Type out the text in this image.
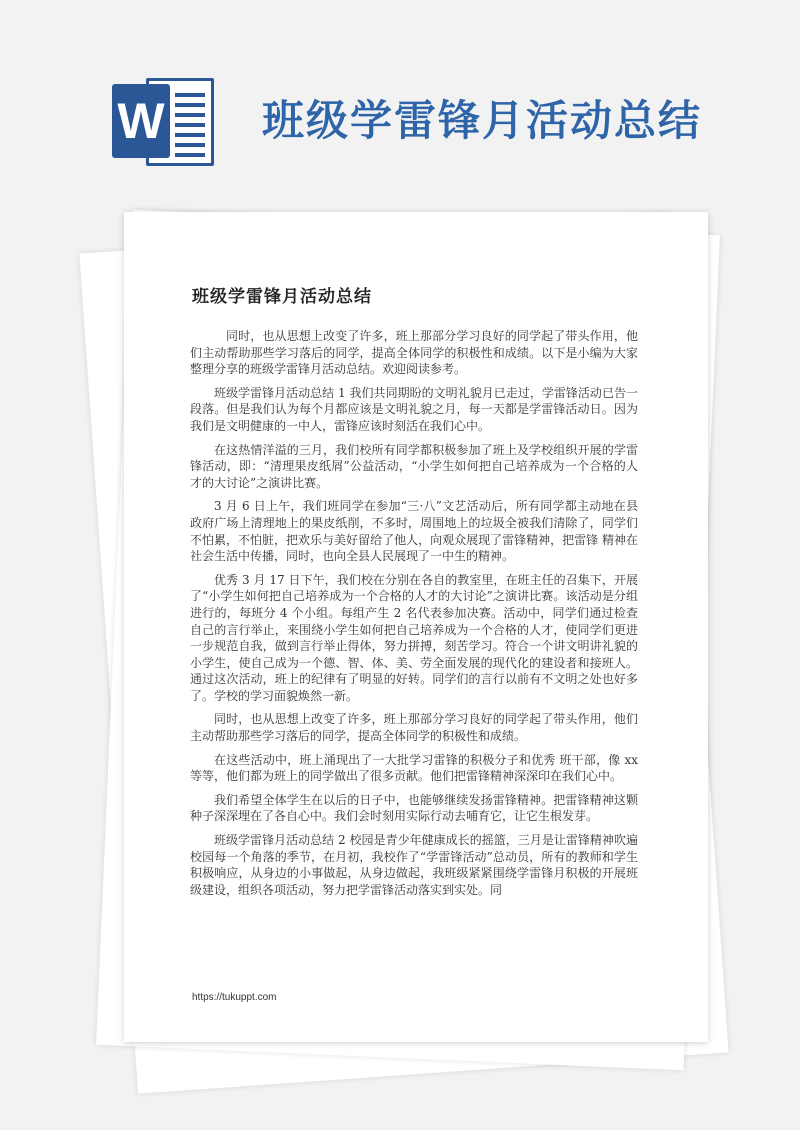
W 班级学雷锋月活动总结
班级学雷锋月活动总结

同时，也从思想上改变了许多，班上那部分学习良好的同学起了带头作用，他们主动帮助那些学习落后的同学，提高全体同学的积极性和成绩。以下是小编为大家整理分享的班级学雷锋月活动总结。欢迎阅读参考。

班级学雷锋月活动总结 1 我们共同期盼的文明礼貌月已走过，学雷锋活动已告一段落。但是我们认为每个月都应该是文明礼貌之月，每一天都是学雷锋活动日。因为我们是文明健康的一中人，雷锋应该时刻活在我们心中。

在这热情洋溢的三月，我们校所有同学都积极参加了班上及学校组织开展的学雷锋活动，即：“清理果皮纸屑”公益活动，“小学生如何把自己培养成为一个合格的人才的大讨论”之演讲比赛。

3 月 6 日上午，我们班同学在参加“三·八”文艺活动后，所有同学都主动地在县政府广场上清理地上的果皮纸削，不多时，周围地上的垃圾全被我们清除了，同学们不怕累，不怕脏，把欢乐与美好留给了他人，向观众展现了雷锋精神，把雷锋 精神在社会生活中传播，同时，也向全县人民展现了一中生的精神。

优秀 3 月 17 日下午，我们校在分别在各自的教室里，在班主任的召集下，开展了“小学生如何把自己培养成为一个合格的人才的大讨论”之演讲比赛。该活动是分组进行的，每班分 4 个小组。每组产生 2 名代表参加决赛。活动中，同学们通过检查自己的言行举止，来围绕小学生如何把自己培养成为一个合格的人才，使同学们更进一步规范自我，做到言行举止得体，努力拼搏，刻苦学习。符合一个讲文明讲礼貌的小学生，使自己成为一个德、智、体、美、劳全面发展的现代化的建设者和接班人。通过这次活动，班上的纪律有了明显的好转。同学们的言行以前有不文明之处也好多了。学校的学习面貌焕然一新。

同时，也从思想上改变了许多，班上那部分学习良好的同学起了带头作用，他们主动帮助那些学习落后的同学，提高全体同学的积极性和成绩。

在这些活动中，班上涌现出了一大批学习雷锋的积极分子和优秀 班干部，像 xx 等等，他们都为班上的同学做出了很多贡献。他们把雷锋精神深深印在我们心中。

我们希望全体学生在以后的日子中，也能够继续发扬雷锋精神。把雷锋精神这颗种子深深埋在了各自心中。我们会时刻用实际行动去哺育它，让它生根发芽。

班级学雷锋月活动总结 2 校园是青少年健康成长的摇篮，三月是让雷锋精神吹遍校园每一个角落的季节，在月初，我校作了“学雷锋活动”总动员，所有的教师和学生积极响应，从身边的小事做起，从身边做起，我班级紧紧围绕学雷锋月积极的开展班级建设，组织各项活动，努力把学雷锋活动落实到实处。同

https://tukuppt.com
